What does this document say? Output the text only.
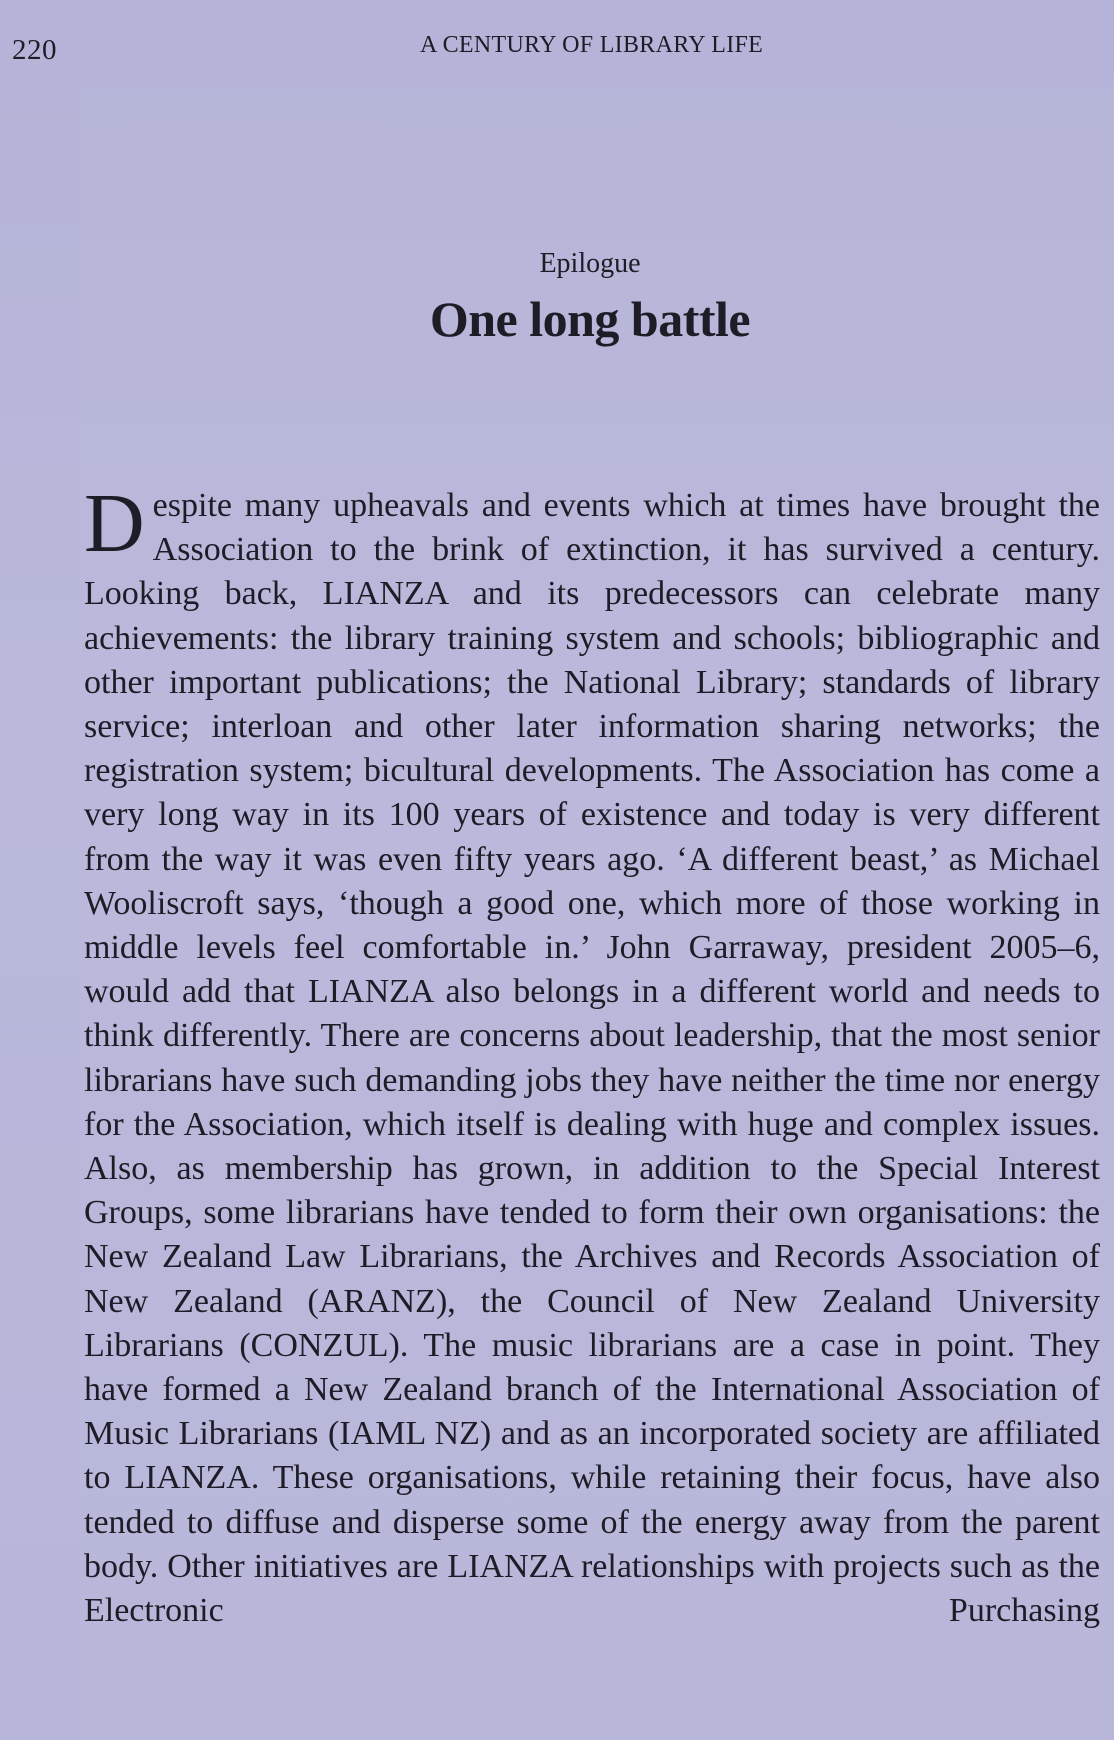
220	A CENTURY OF LIBRARY LIFE
Epilogue
One long battle

Despite many upheavals and events which at times have brought the Association to the brink of extinction, it has survived a century. Looking back, LIANZA and its predecessors can celebrate many achievements: the library training system and schools; bibliographic and other important publications; the National Library; standards of library service; interloan and other later information sharing networks; the registration system; bicultural developments. The Association has come a very long way in its 100 years of existence and today is very different from the way it was even fifty years ago. ‘A different beast,’ as Michael Wooliscroft says, ‘though a good one, which more of those working in middle levels feel comfortable in.’ John Garraway, president 2005–6, would add that LIANZA also belongs in a different world and needs to think differently. There are concerns about leadership, that the most senior librarians have such demanding jobs they have neither the time nor energy for the Association, which itself is dealing with huge and complex issues. Also, as membership has grown, in addition to the Special Interest Groups, some librarians have tended to form their own organisations: the New Zealand Law Librarians, the Archives and Records Association of New Zealand (ARANZ), the Council of New Zealand University Librarians (CONZUL). The music librarians are a case in point. They have formed a New Zealand branch of the International Association of Music Librarians (IAML NZ) and as an incorporated society are affiliated to LIANZA. These organisations, while retaining their focus, have also tended to diffuse and disperse some of the energy away from the parent body. Other initiatives are LIANZA relationships with projects such as the Electronic Purchasing
